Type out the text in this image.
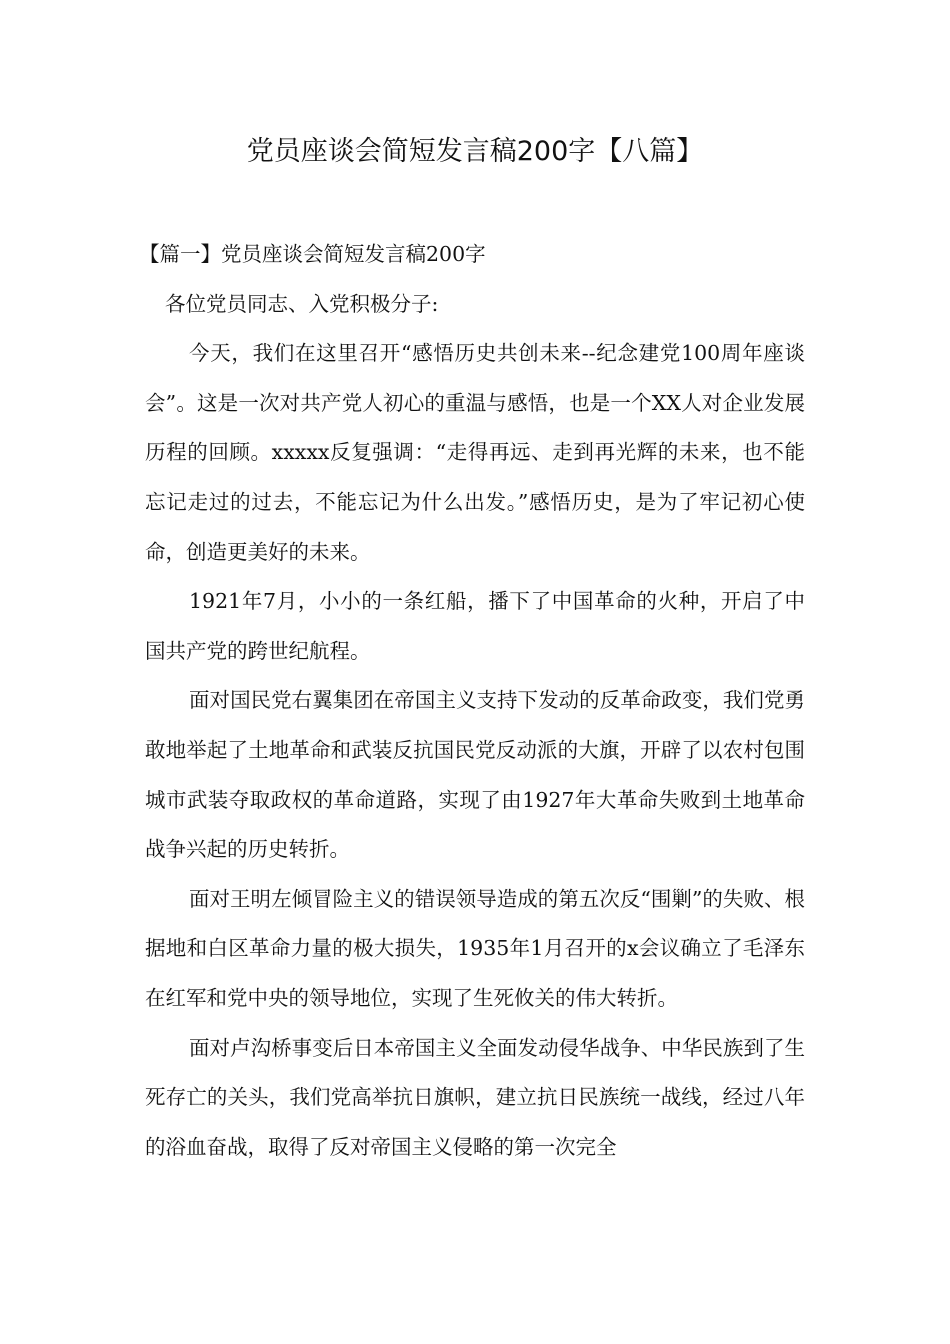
党员座谈会简短发言稿200字【八篇】

【篇一】党员座谈会简短发言稿200字

各位党员同志、入党积极分子:

今天，我们在这里召开“感悟历史共创未来--纪念建党100周年座谈会”。这是一次对共产党人初心的重温与感悟，也是一个XX人对企业发展历程的回顾。xxxxx反复强调：“走得再远、走到再光辉的未来，也不能忘记走过的过去，不能忘记为什么出发。”感悟历史，是为了牢记初心使命，创造更美好的未来。

1921年7月，小小的一条红船，播下了中国革命的火种，开启了中国共产党的跨世纪航程。

面对国民党右翼集团在帝国主义支持下发动的反革命政变，我们党勇敢地举起了土地革命和武装反抗国民党反动派的大旗，开辟了以农村包围城市武装夺取政权的革命道路，实现了由1927年大革命失败到土地革命战争兴起的历史转折。

面对王明左倾冒险主义的错误领导造成的第五次反“围剿”的失败、根据地和白区革命力量的极大损失，1935年1月召开的x会议确立了毛泽东在红军和党中央的领导地位，实现了生死攸关的伟大转折。

面对卢沟桥事变后日本帝国主义全面发动侵华战争、中华民族到了生死存亡的关头，我们党高举抗日旗帜，建立抗日民族统一战线，经过八年的浴血奋战，取得了反对帝国主义侵略的第一次完全
